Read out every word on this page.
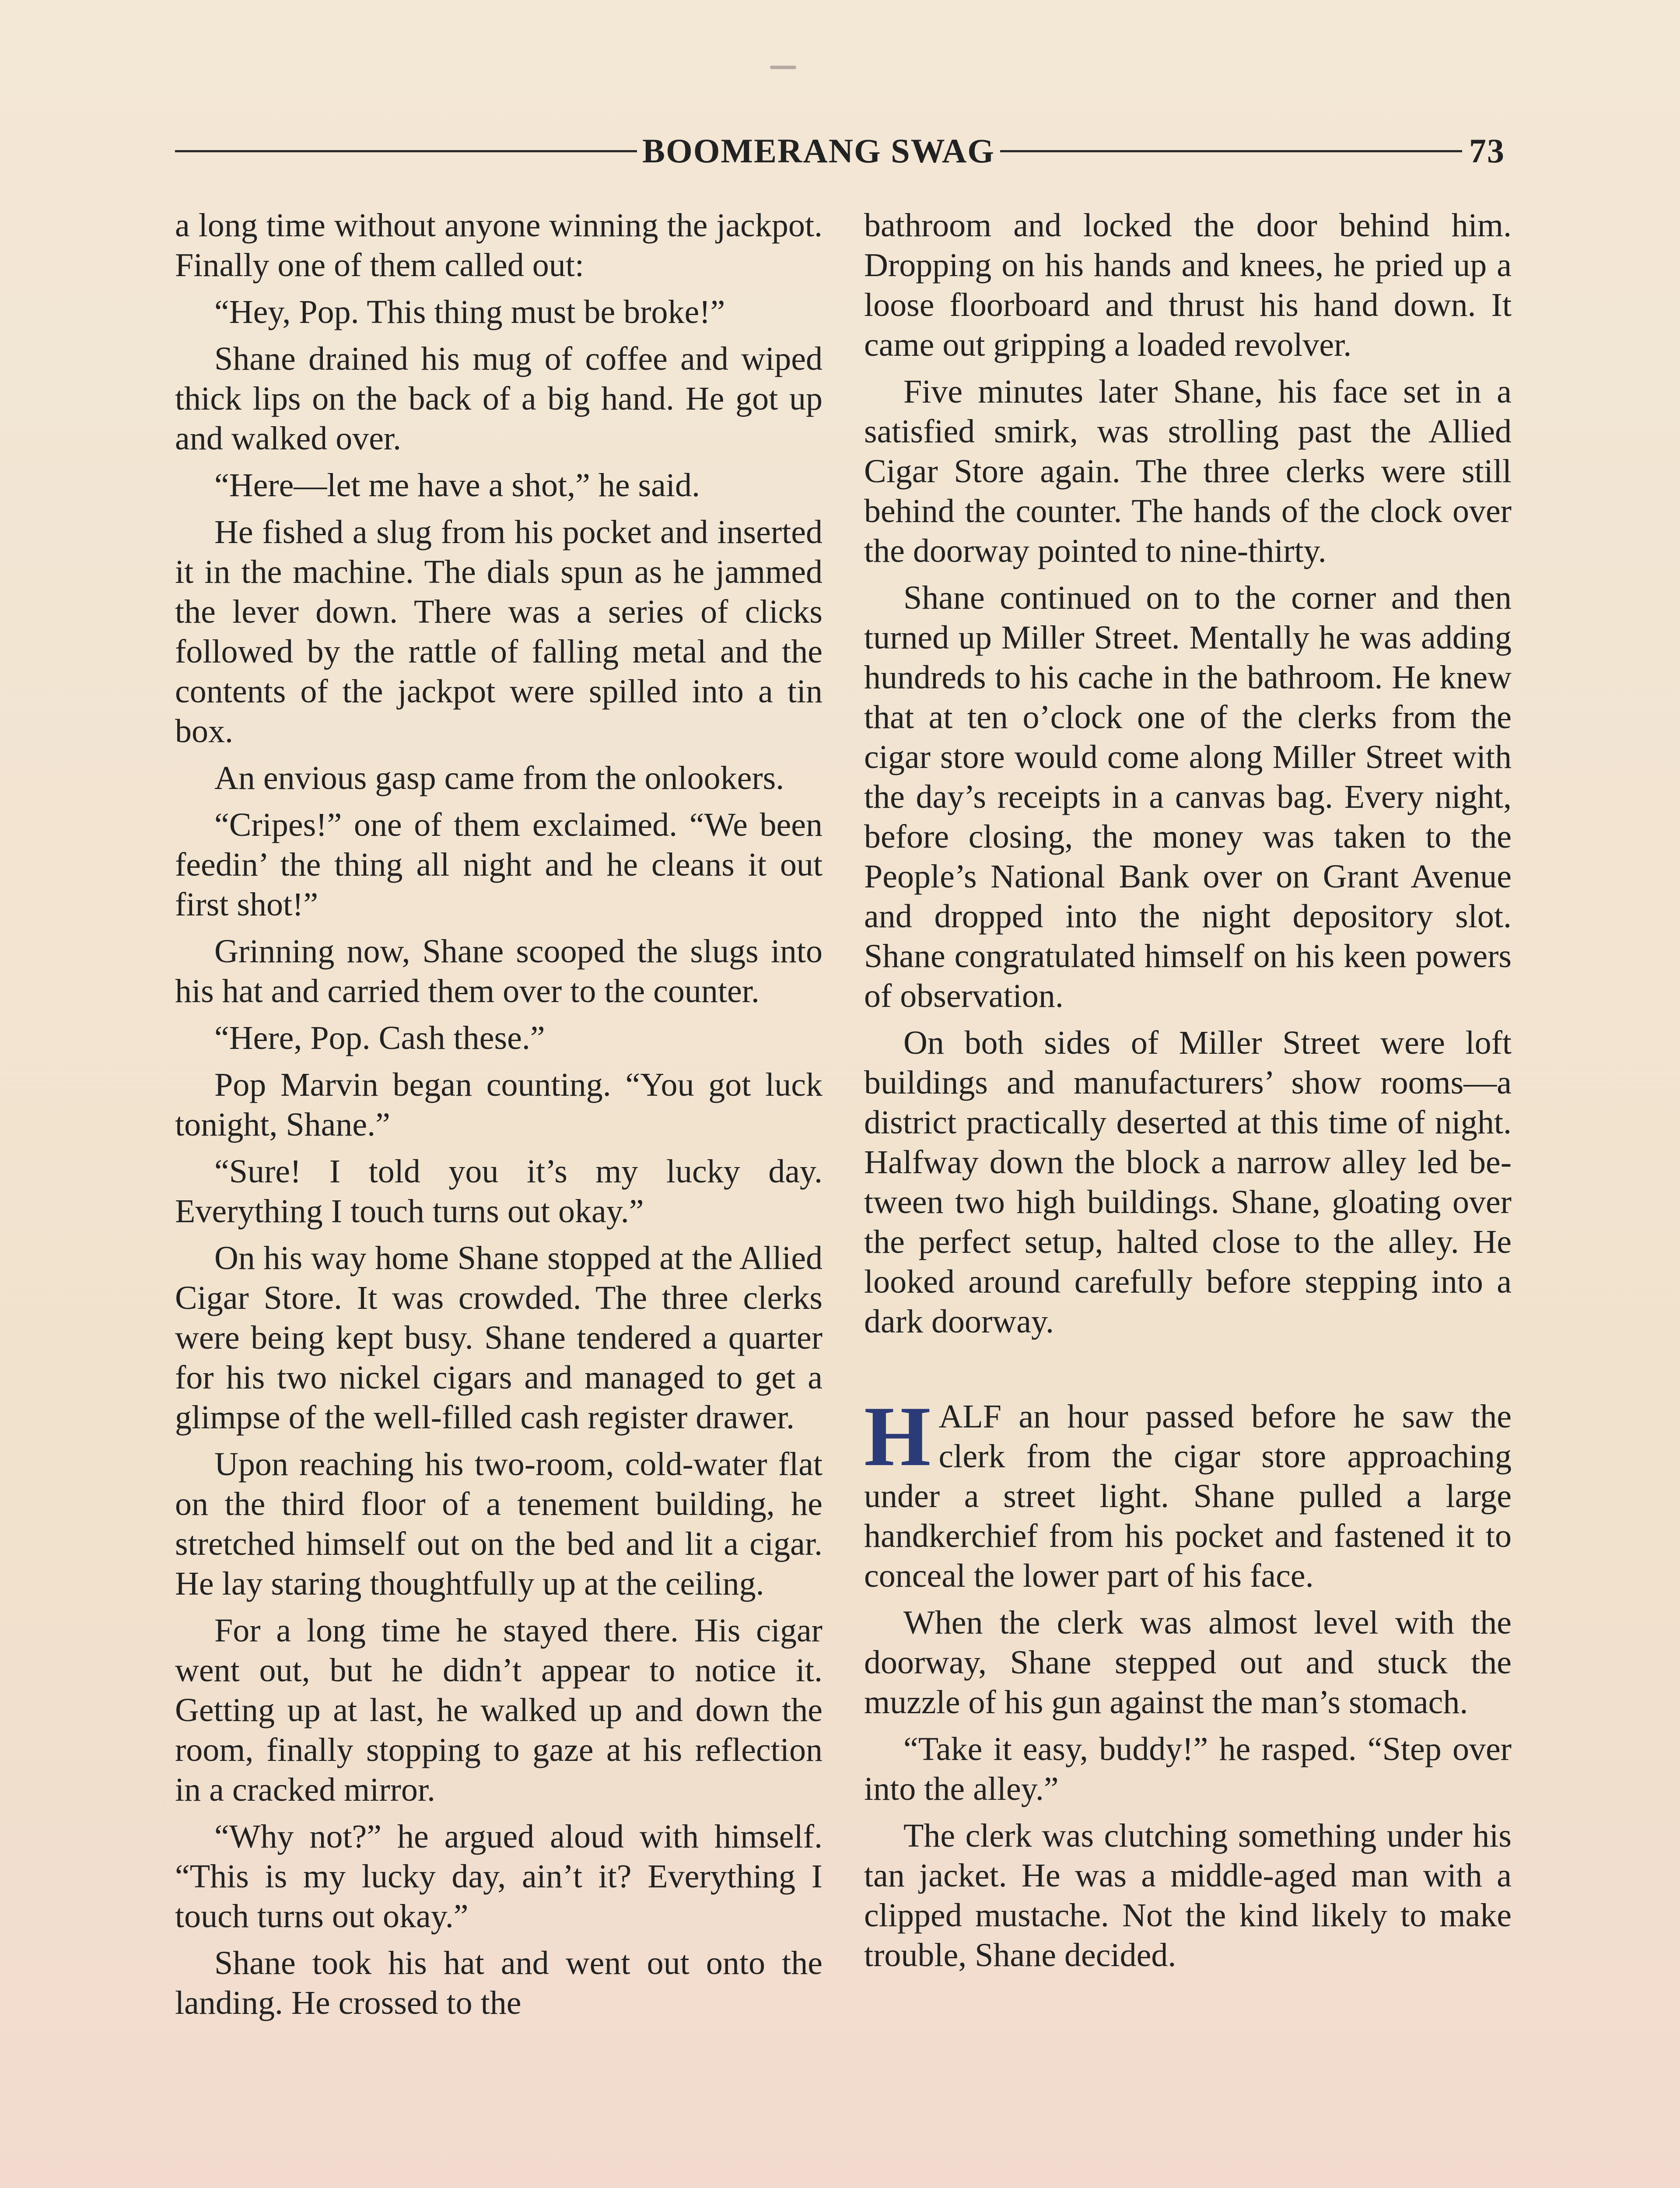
BOOMERANG SWAG	73

a long time without anyone winning the jackpot. Finally one of them called out:

“Hey, Pop. This thing must be broke!”

Shane drained his mug of coffee and wiped thick lips on the back of a big hand. He got up and walked over.

“Here—let me have a shot,” he said.

He fished a slug from his pocket and inserted it in the machine. The dials spun as he jammed the lever down. There was a series of clicks followed by the rattle of falling metal and the contents of the jackpot were spilled into a tin box.

An envious gasp came from the onlookers.

“Cripes!” one of them exclaimed. “We been feedin’ the thing all night and he cleans it out first shot!”

Grinning now, Shane scooped the slugs into his hat and carried them over to the counter.

“Here, Pop. Cash these.”

Pop Marvin began counting. “You got luck tonight, Shane.”

“Sure! I told you it’s my lucky day. Everything I touch turns out okay.”

On his way home Shane stopped at the Allied Cigar Store. It was crowded. The three clerks were being kept busy. Shane tendered a quarter for his two nickel cigars and managed to get a glimpse of the well-filled cash register drawer.

Upon reaching his two-room, cold-water flat on the third floor of a tenement building, he stretched himself out on the bed and lit a cigar. He lay staring thoughtfully up at the ceiling.

For a long time he stayed there. His cigar went out, but he didn’t appear to notice it. Getting up at last, he walked up and down the room, finally stopping to gaze at his reflection in a cracked mirror.

“Why not?” he argued aloud with himself. “This is my lucky day, ain’t it? Everything I touch turns out okay.”

Shane took his hat and went out onto the landing. He crossed to the

bathroom and locked the door behind him. Dropping on his hands and knees, he pried up a loose floorboard and thrust his hand down. It came out gripping a loaded revolver.

Five minutes later Shane, his face set in a satisfied smirk, was strolling past the Allied Cigar Store again. The three clerks were still behind the counter. The hands of the clock over the doorway pointed to nine-thirty.

Shane continued on to the corner and then turned up Miller Street. Mentally he was adding hundreds to his cache in the bathroom. He knew that at ten o’clock one of the clerks from the cigar store would come along Miller Street with the day’s receipts in a canvas bag. Every night, before closing, the money was taken to the People’s National Bank over on Grant Avenue and dropped into the night depository slot. Shane congratulated himself on his keen powers of observation.

On both sides of Miller Street were loft buildings and manufacturers’ show rooms—a district practically deserted at this time of night. Halfway down the block a narrow alley led between two high buildings. Shane, gloating over the perfect setup, halted close to the alley. He looked around carefully before stepping into a dark doorway.

HALF an hour passed before he saw the clerk from the cigar store approaching under a street light. Shane pulled a large handkerchief from his pocket and fastened it to conceal the lower part of his face.

When the clerk was almost level with the doorway, Shane stepped out and stuck the muzzle of his gun against the man’s stomach.

“Take it easy, buddy!” he rasped. “Step over into the alley.”

The clerk was clutching something under his tan jacket. He was a middle-aged man with a clipped mustache. Not the kind likely to make trouble, Shane decided.
